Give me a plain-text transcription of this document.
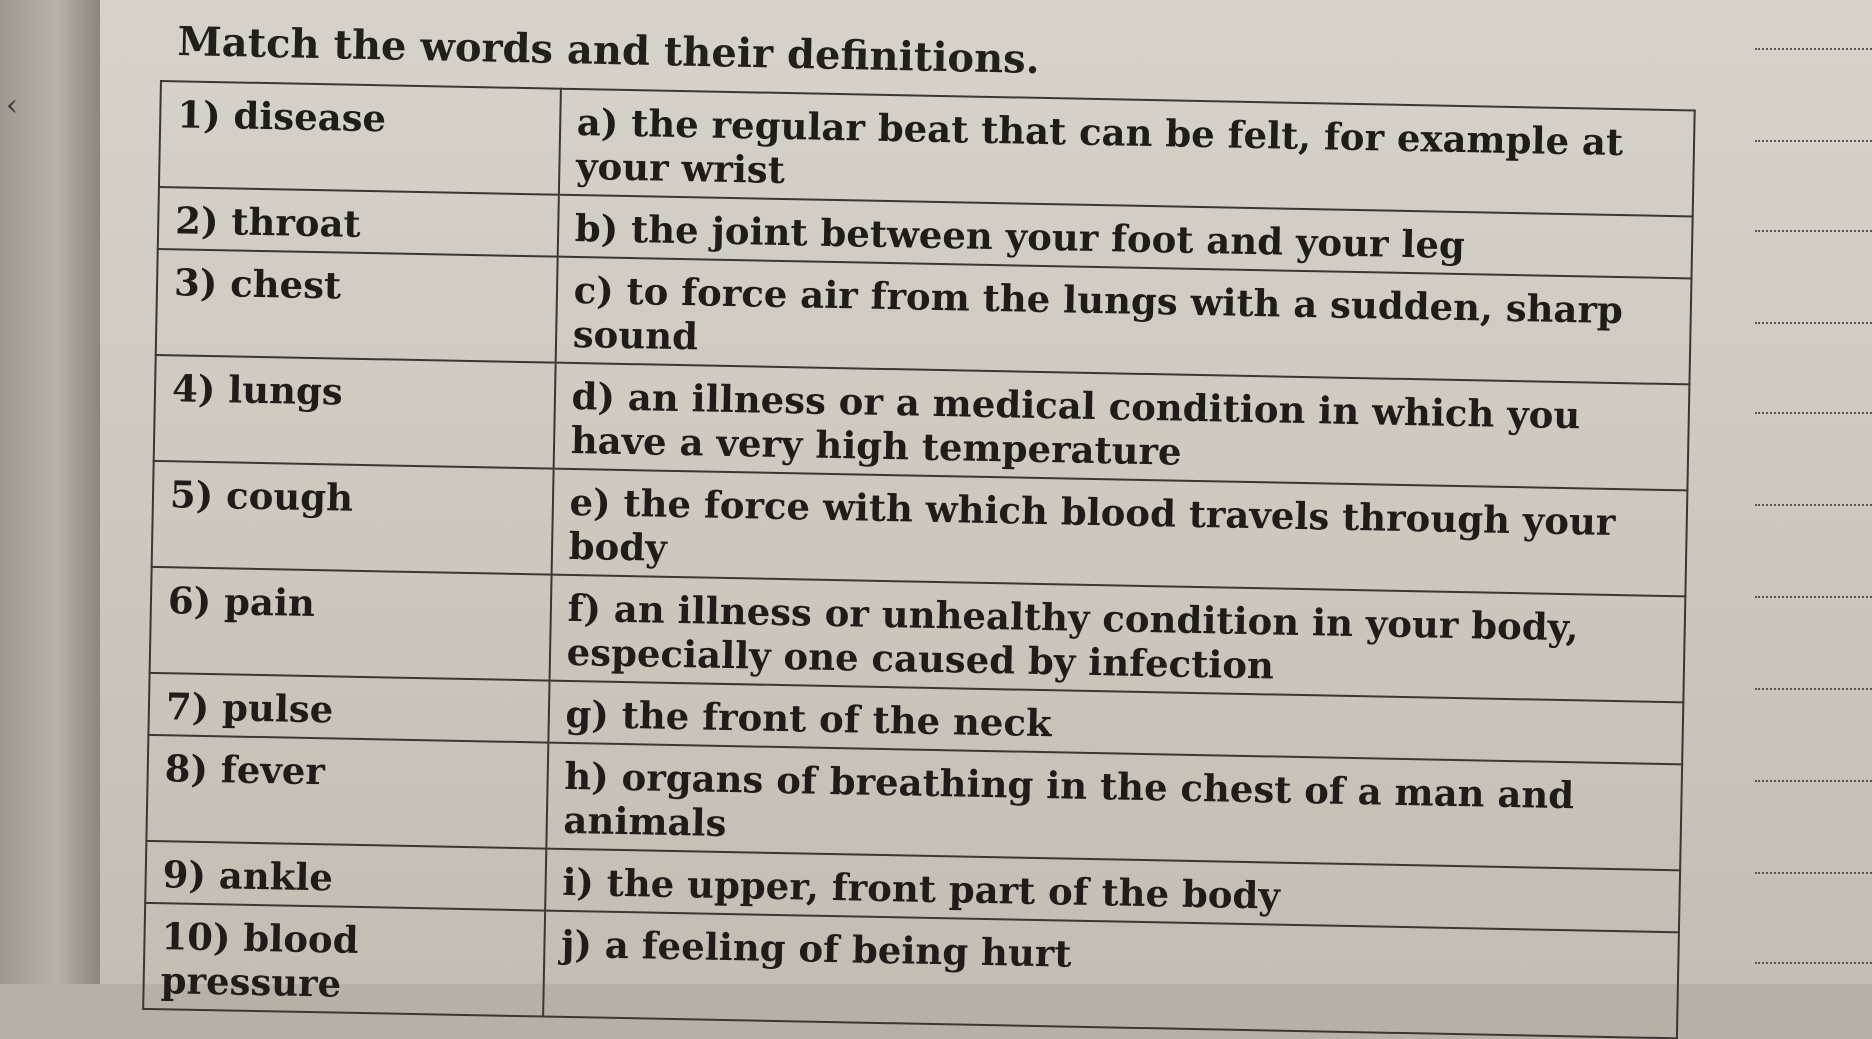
‹
Match the words and their definitions.
1) disease	a) the regular beat that can be felt, for example at your wrist
2) throat	b) the joint between your foot and your leg
3) chest	c) to force air from the lungs with a sudden, sharp sound
4) lungs	d) an illness or a medical condition in which you have a very high temperature
5) cough	e) the force with which blood travels through your body
6) pain	f) an illness or unhealthy condition in your body, especially one caused by infection
7) pulse	g) the front of the neck
8) fever	h) organs of breathing in the chest of a man and animals
9) ankle	i) the upper, front part of the body
10) blood pressure	j) a feeling of being hurt
